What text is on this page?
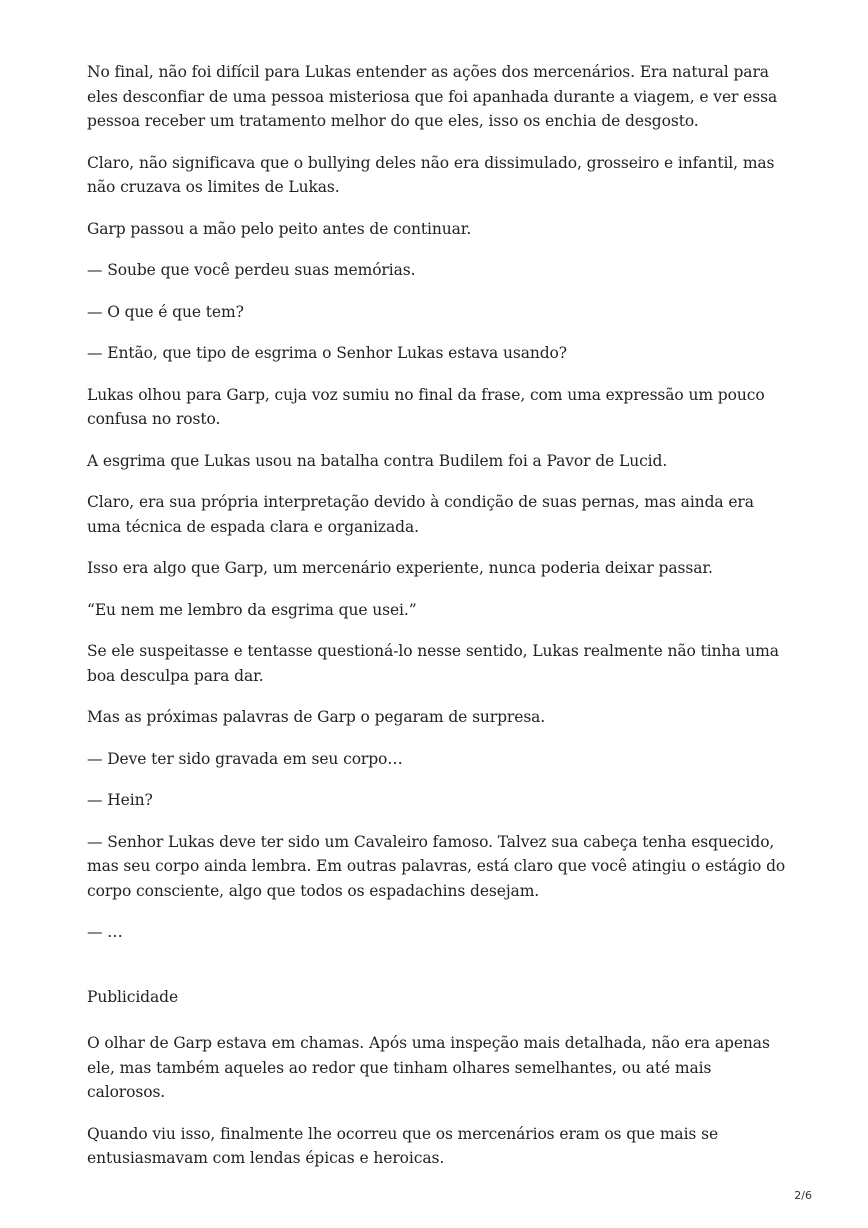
No final, não foi difícil para Lukas entender as ações dos mercenários. Era natural para eles desconfiar de uma pessoa misteriosa que foi apanhada durante a viagem, e ver essa pessoa receber um tratamento melhor do que eles, isso os enchia de desgosto.

Claro, não significava que o bullying deles não era dissimulado, grosseiro e infantil, mas não cruzava os limites de Lukas.

Garp passou a mão pelo peito antes de continuar.

— Soube que você perdeu suas memórias.

— O que é que tem?

— Então, que tipo de esgrima o Senhor Lukas estava usando?

Lukas olhou para Garp, cuja voz sumiu no final da frase, com uma expressão um pouco confusa no rosto.

A esgrima que Lukas usou na batalha contra Budilem foi a Pavor de Lucid.

Claro, era sua própria interpretação devido à condição de suas pernas, mas ainda era uma técnica de espada clara e organizada.

Isso era algo que Garp, um mercenário experiente, nunca poderia deixar passar.

“Eu nem me lembro da esgrima que usei.”

Se ele suspeitasse e tentasse questioná-lo nesse sentido, Lukas realmente não tinha uma boa desculpa para dar.

Mas as próximas palavras de Garp o pegaram de surpresa.

— Deve ter sido gravada em seu corpo…

— Hein?

— Senhor Lukas deve ter sido um Cavaleiro famoso. Talvez sua cabeça tenha esquecido, mas seu corpo ainda lembra. Em outras palavras, está claro que você atingiu o estágio do corpo consciente, algo que todos os espadachins desejam.

— …

Publicidade

O olhar de Garp estava em chamas. Após uma inspeção mais detalhada, não era apenas ele, mas também aqueles ao redor que tinham olhares semelhantes, ou até mais calorosos.

Quando viu isso, finalmente lhe ocorreu que os mercenários eram os que mais se entusiasmavam com lendas épicas e heroicas.

2/6
